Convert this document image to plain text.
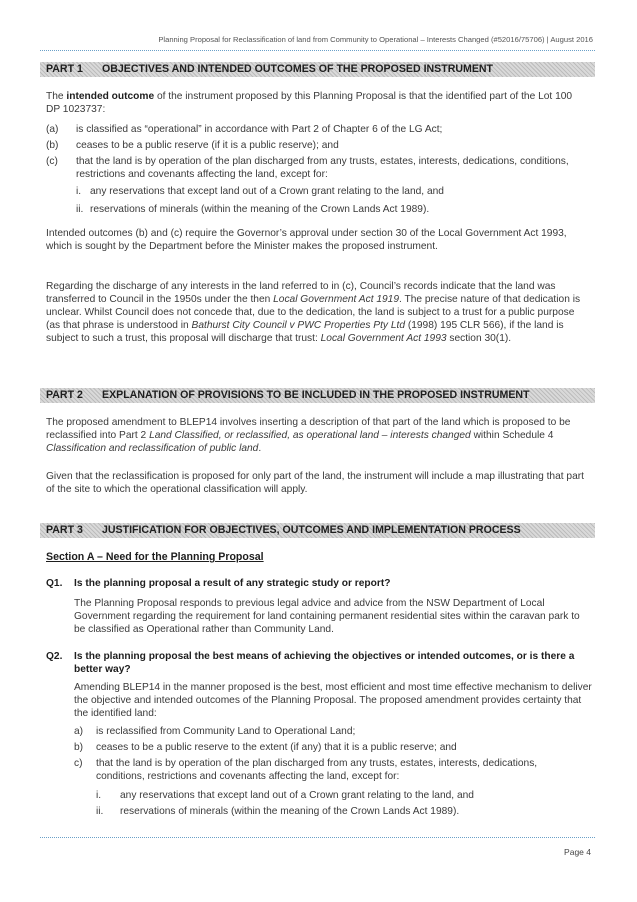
Planning Proposal for Reclassification of land from Community to Operational – Interests Changed (#52016/75706) | August 2016
PART 1 OBJECTIVES AND INTENDED OUTCOMES OF THE PROPOSED INSTRUMENT

The intended outcome of the instrument proposed by this Planning Proposal is that the identified part of the Lot 100 DP 1023737:

(a) is classified as “operational” in accordance with Part 2 of Chapter 6 of the LG Act;
(b) ceases to be a public reserve (if it is a public reserve); and
(c) that the land is by operation of the plan discharged from any trusts, estates, interests, dedications, conditions, restrictions and covenants affecting the land, except for:
i. any reservations that except land out of a Crown grant relating to the land, and
ii. reservations of minerals (within the meaning of the Crown Lands Act 1989).

Intended outcomes (b) and (c) require the Governor’s approval under section 30 of the Local Government Act 1993, which is sought by the Department before the Minister makes the proposed instrument.

Regarding the discharge of any interests in the land referred to in (c), Council’s records indicate that the land was transferred to Council in the 1950s under the then Local Government Act 1919. The precise nature of that dedication is unclear. Whilst Council does not concede that, due to the dedication, the land is subject to a trust for a public purpose (as that phrase is understood in Bathurst City Council v PWC Properties Pty Ltd (1998) 195 CLR 566), if the land is subject to such a trust, this proposal will discharge that trust: Local Government Act 1993 section 30(1).

PART 2 EXPLANATION OF PROVISIONS TO BE INCLUDED IN THE PROPOSED INSTRUMENT

The proposed amendment to BLEP14 involves inserting a description of that part of the land which is proposed to be reclassified into Part 2 Land Classified, or reclassified, as operational land – interests changed within Schedule 4 Classification and reclassification of public land.

Given that the reclassification is proposed for only part of the land, the instrument will include a map illustrating that part of the site to which the operational classification will apply.

PART 3 JUSTIFICATION FOR OBJECTIVES, OUTCOMES AND IMPLEMENTATION PROCESS
Section A – Need for the Planning Proposal
Q1. Is the planning proposal a result of any strategic study or report?
The Planning Proposal responds to previous legal advice and advice from the NSW Department of Local Government regarding the requirement for land containing permanent residential sites within the caravan park to be classified as Operational rather than Community Land.
Q2. Is the planning proposal the best means of achieving the objectives or intended outcomes, or is there a better way?
Amending BLEP14 in the manner proposed is the best, most efficient and most time effective mechanism to deliver the objective and intended outcomes of the Planning Proposal. The proposed amendment provides certainty that the identified land:
a) is reclassified from Community Land to Operational Land;
b) ceases to be a public reserve to the extent (if any) that it is a public reserve; and
c) that the land is by operation of the plan discharged from any trusts, estates, interests, dedications, conditions, restrictions and covenants affecting the land, except for:
i. any reservations that except land out of a Crown grant relating to the land, and
ii. reservations of minerals (within the meaning of the Crown Lands Act 1989).
Page 4
